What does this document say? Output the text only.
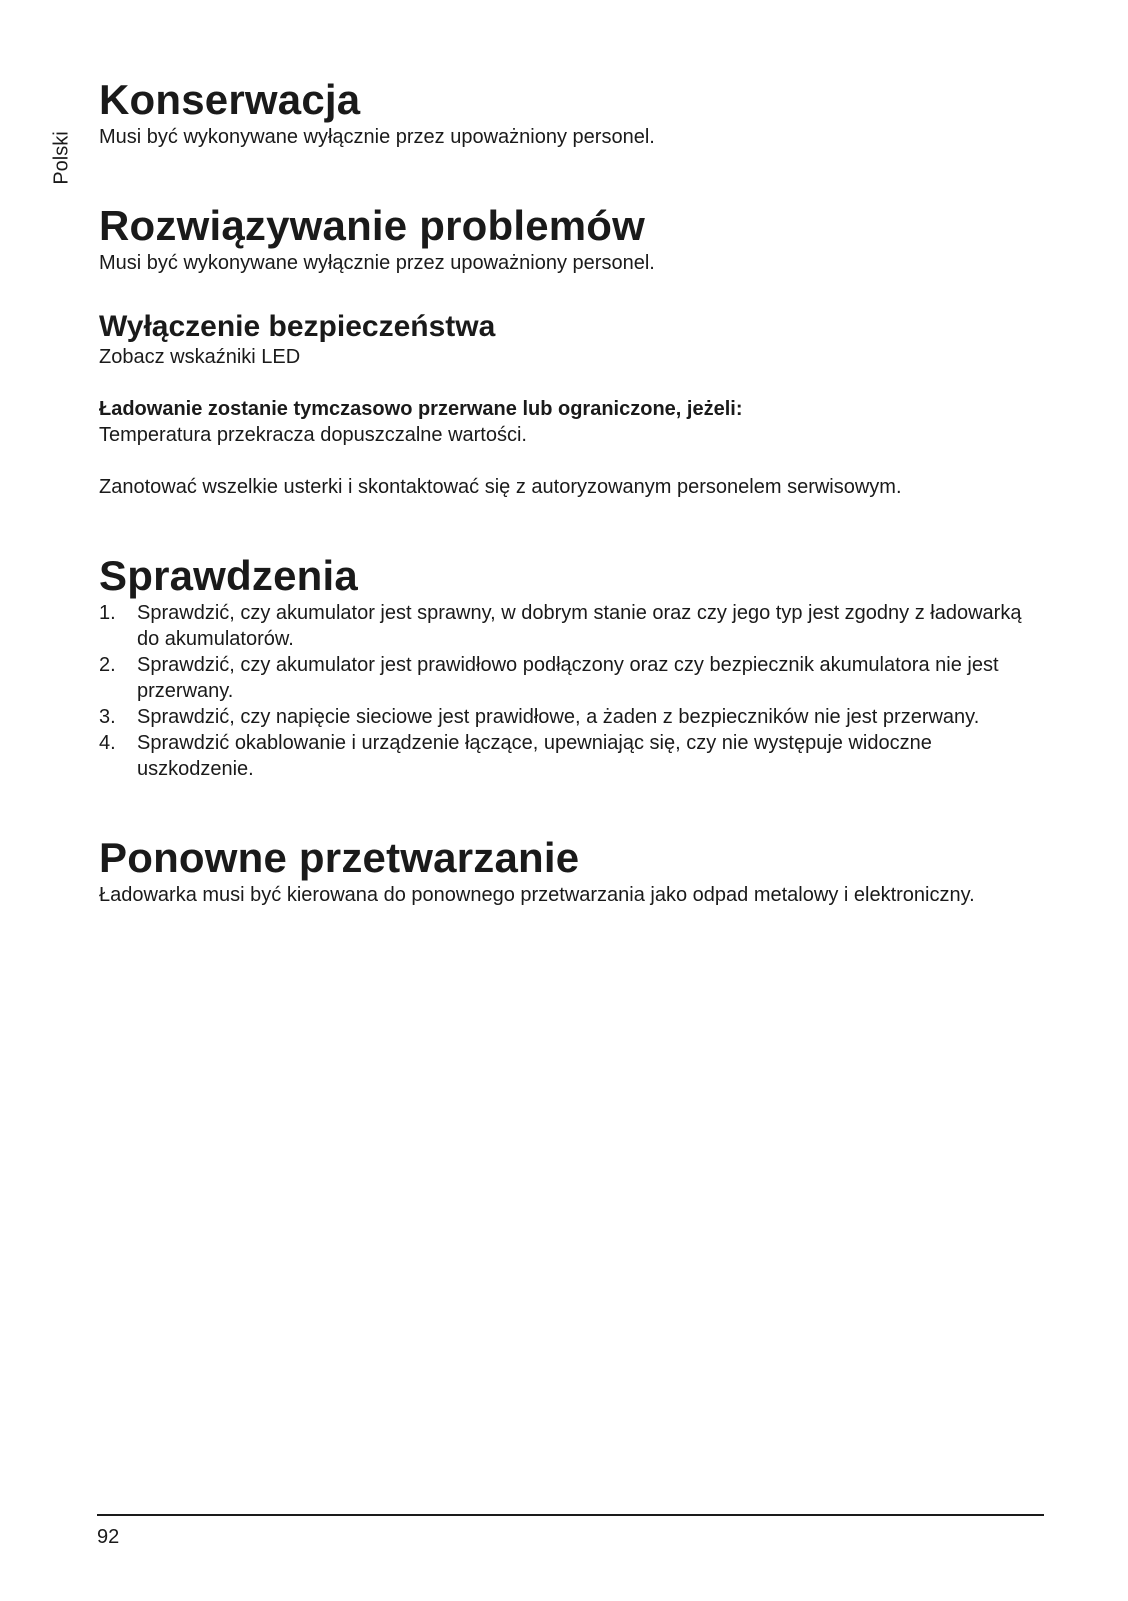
Polski
Konserwacja

Musi być wykonywane wyłącznie przez upoważniony personel.

Rozwiązywanie problemów

Musi być wykonywane wyłącznie przez upoważniony personel.

Wyłączenie bezpieczeństwa

Zobacz wskaźniki LED

Ładowanie zostanie tymczasowo przerwane lub ograniczone, jeżeli:

Temperatura przekracza dopuszczalne wartości.

Zanotować wszelkie usterki i skontaktować się z autoryzowanym personelem serwisowym.

Sprawdzenia
1. Sprawdzić, czy akumulator jest sprawny, w dobrym stanie oraz czy jego typ jest zgodny z ładowarką do akumulatorów.
2. Sprawdzić, czy akumulator jest prawidłowo podłączony oraz czy bezpiecznik akumulatora nie jest przerwany.
3. Sprawdzić, czy napięcie sieciowe jest prawidłowe, a żaden z bezpieczników nie jest przerwany.
4. Sprawdzić okablowanie i urządzenie łączące, upewniając się, czy nie występuje widoczne uszkodzenie.
Ponowne przetwarzanie

Ładowarka musi być kierowana do ponownego przetwarzania jako odpad metalowy i elektroniczny.

92
